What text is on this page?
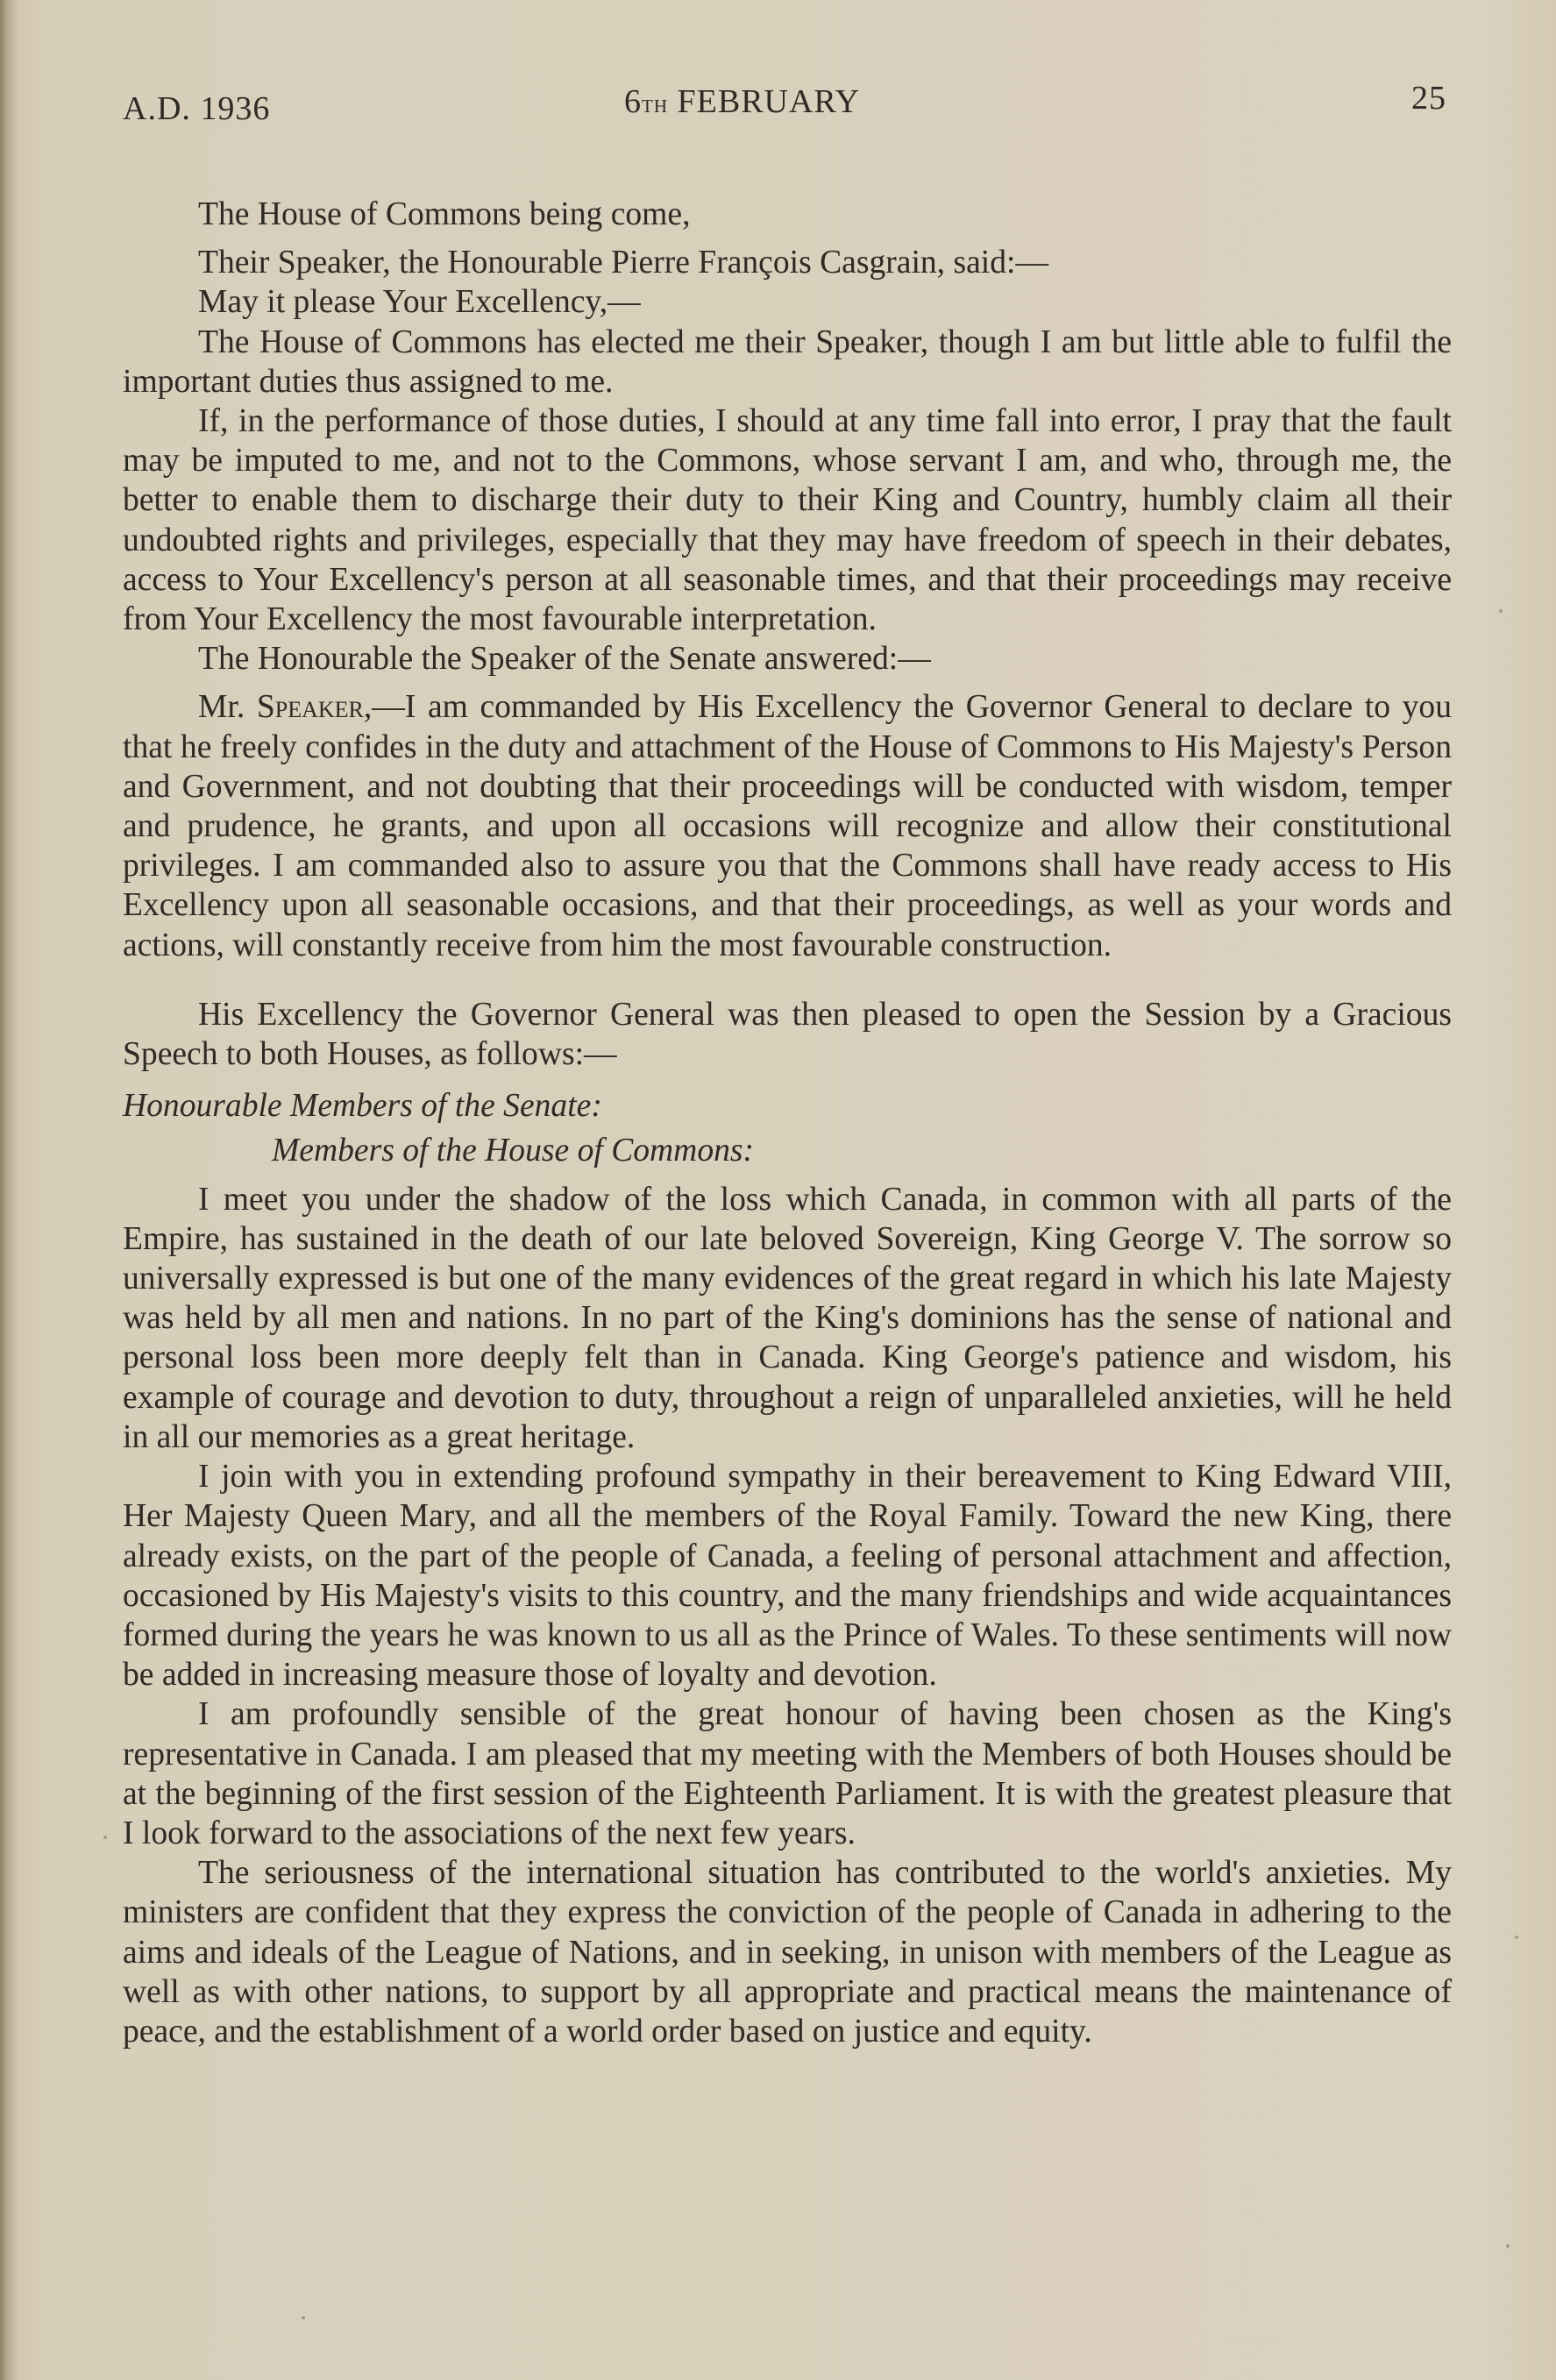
A.D. 1936	6th FEBRUARY	25

The House of Commons being come,

Their Speaker, the Honourable Pierre François Casgrain, said:—

May it please Your Excellency,—

The House of Commons has elected me their Speaker, though I am but little able to fulfil the important duties thus assigned to me.

If, in the performance of those duties, I should at any time fall into error, I pray that the fault may be imputed to me, and not to the Commons, whose servant I am, and who, through me, the better to enable them to discharge their duty to their King and Country, humbly claim all their undoubted rights and privileges, especially that they may have freedom of speech in their debates, access to Your Excellency's person at all seasonable times, and that their proceedings may receive from Your Excellency the most favourable interpretation.

The Honourable the Speaker of the Senate answered:—

Mr. Speaker,—I am commanded by His Excellency the Governor General to declare to you that he freely confides in the duty and attachment of the House of Commons to His Majesty's Person and Government, and not doubting that their proceedings will be conducted with wisdom, temper and prudence, he grants, and upon all occasions will recognize and allow their constitutional privileges. I am commanded also to assure you that the Commons shall have ready access to His Excellency upon all seasonable occasions, and that their proceedings, as well as your words and actions, will constantly receive from him the most favourable construction.

His Excellency the Governor General was then pleased to open the Session by a Gracious Speech to both Houses, as follows:—

Honourable Members of the Senate:

Members of the House of Commons:

I meet you under the shadow of the loss which Canada, in common with all parts of the Empire, has sustained in the death of our late beloved Sovereign, King George V. The sorrow so universally expressed is but one of the many evidences of the great regard in which his late Majesty was held by all men and nations. In no part of the King's dominions has the sense of national and personal loss been more deeply felt than in Canada. King George's patience and wisdom, his example of courage and devotion to duty, throughout a reign of unparalleled anxieties, will he held in all our memories as a great heritage.

I join with you in extending profound sympathy in their bereavement to King Edward VIII, Her Majesty Queen Mary, and all the members of the Royal Family. Toward the new King, there already exists, on the part of the people of Canada, a feeling of personal attachment and affection, occasioned by His Majesty's visits to this country, and the many friendships and wide acquaintances formed during the years he was known to us all as the Prince of Wales. To these sentiments will now be added in increasing measure those of loyalty and devotion.

I am profoundly sensible of the great honour of having been chosen as the King's representative in Canada. I am pleased that my meeting with the Members of both Houses should be at the beginning of the first session of the Eighteenth Parliament. It is with the greatest pleasure that I look forward to the associations of the next few years.

The seriousness of the international situation has contributed to the world's anxieties. My ministers are confident that they express the conviction of the people of Canada in adhering to the aims and ideals of the League of Nations, and in seeking, in unison with members of the League as well as with other nations, to support by all appropriate and practical means the maintenance of peace, and the establishment of a world order based on justice and equity.
